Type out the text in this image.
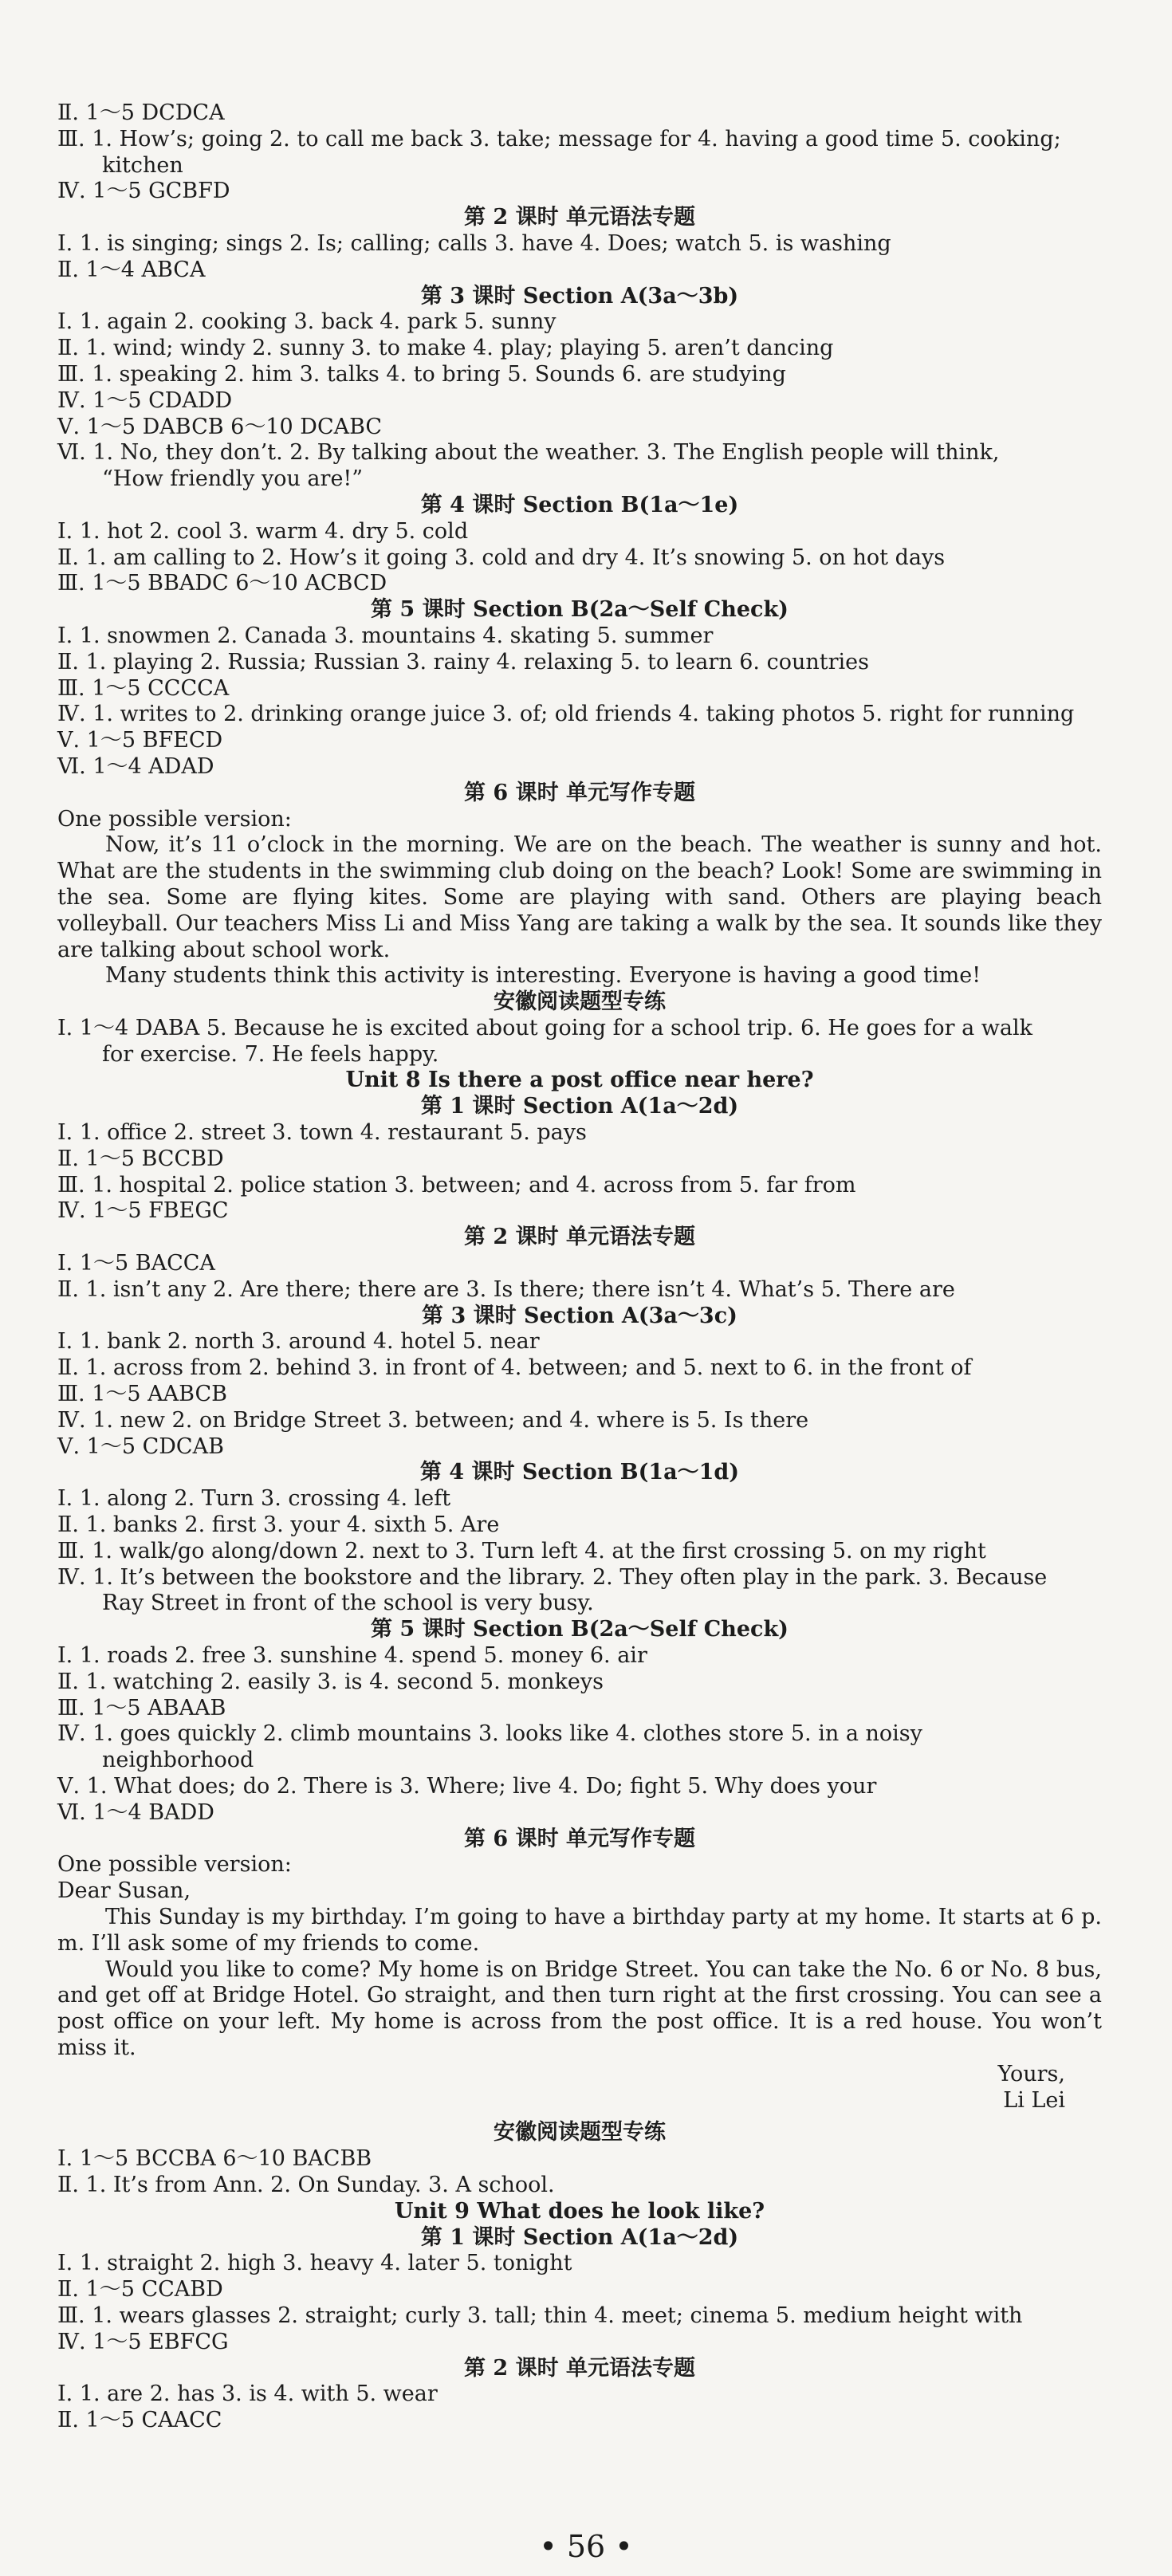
Ⅱ. 1～5 DCDCA
Ⅲ. 1. How’s; going 2. to call me back 3. take; message for 4. having a good time 5. cooking;
kitchen
Ⅳ. 1～5 GCBFD
第 2 课时 单元语法专题
Ⅰ. 1. is singing; sings 2. Is; calling; calls 3. have 4. Does; watch 5. is washing
Ⅱ. 1～4 ABCA
第 3 课时 Section A(3a～3b)
Ⅰ. 1. again 2. cooking 3. back 4. park 5. sunny
Ⅱ. 1. wind; windy 2. sunny 3. to make 4. play; playing 5. aren’t dancing
Ⅲ. 1. speaking 2. him 3. talks 4. to bring 5. Sounds 6. are studying
Ⅳ. 1～5 CDADD
Ⅴ. 1～5 DABCB 6～10 DCABC
Ⅵ. 1. No, they don’t. 2. By talking about the weather. 3. The English people will think,
“How friendly you are!”
第 4 课时 Section B(1a～1e)
Ⅰ. 1. hot 2. cool 3. warm 4. dry 5. cold
Ⅱ. 1. am calling to 2. How’s it going 3. cold and dry 4. It’s snowing 5. on hot days
Ⅲ. 1～5 BBADC 6～10 ACBCD
第 5 课时 Section B(2a～Self Check)
Ⅰ. 1. snowmen 2. Canada 3. mountains 4. skating 5. summer
Ⅱ. 1. playing 2. Russia; Russian 3. rainy 4. relaxing 5. to learn 6. countries
Ⅲ. 1～5 CCCCA
Ⅳ. 1. writes to 2. drinking orange juice 3. of; old friends 4. taking photos 5. right for running
Ⅴ. 1～5 BFECD
Ⅵ. 1～4 ADAD
第 6 课时 单元写作专题
One possible version:
Now, it’s 11 o’clock in the morning. We are on the beach. The weather is sunny and hot. What are the students in the swimming club doing on the beach? Look! Some are swimming in the sea. Some are flying kites. Some are playing with sand. Others are playing beach volleyball. Our teachers Miss Li and Miss Yang are taking a walk by the sea. It sounds like they are talking about school work.
Many students think this activity is interesting. Everyone is having a good time!
安徽阅读题型专练
Ⅰ. 1～4 DABA 5. Because he is excited about going for a school trip. 6. He goes for a walk
for exercise. 7. He feels happy.
Unit 8 Is there a post office near here?
第 1 课时 Section A(1a～2d)
Ⅰ. 1. office 2. street 3. town 4. restaurant 5. pays
Ⅱ. 1～5 BCCBD
Ⅲ. 1. hospital 2. police station 3. between; and 4. across from 5. far from
Ⅳ. 1～5 FBEGC
第 2 课时 单元语法专题
Ⅰ. 1～5 BACCA
Ⅱ. 1. isn’t any 2. Are there; there are 3. Is there; there isn’t 4. What’s 5. There are
第 3 课时 Section A(3a～3c)
Ⅰ. 1. bank 2. north 3. around 4. hotel 5. near
Ⅱ. 1. across from 2. behind 3. in front of 4. between; and 5. next to 6. in the front of
Ⅲ. 1～5 AABCB
Ⅳ. 1. new 2. on Bridge Street 3. between; and 4. where is 5. Is there
Ⅴ. 1～5 CDCAB
第 4 课时 Section B(1a～1d)
Ⅰ. 1. along 2. Turn 3. crossing 4. left
Ⅱ. 1. banks 2. first 3. your 4. sixth 5. Are
Ⅲ. 1. walk/go along/down 2. next to 3. Turn left 4. at the first crossing 5. on my right
Ⅳ. 1. It’s between the bookstore and the library. 2. They often play in the park. 3. Because
Ray Street in front of the school is very busy.
第 5 课时 Section B(2a～Self Check)
Ⅰ. 1. roads 2. free 3. sunshine 4. spend 5. money 6. air
Ⅱ. 1. watching 2. easily 3. is 4. second 5. monkeys
Ⅲ. 1～5 ABAAB
Ⅳ. 1. goes quickly 2. climb mountains 3. looks like 4. clothes store 5. in a noisy
neighborhood
Ⅴ. 1. What does; do 2. There is 3. Where; live 4. Do; fight 5. Why does your
Ⅵ. 1～4 BADD
第 6 课时 单元写作专题
One possible version:
Dear Susan,
This Sunday is my birthday. I’m going to have a birthday party at my home. It starts at 6 p. m. I’ll ask some of my friends to come.
Would you like to come? My home is on Bridge Street. You can take the No. 6 or No. 8 bus, and get off at Bridge Hotel. Go straight, and then turn right at the first crossing. You can see a post office on your left. My home is across from the post office. It is a red house. You won’t miss it.
Yours,
Li Lei
安徽阅读题型专练
Ⅰ. 1～5 BCCBA 6～10 BACBB
Ⅱ. 1. It’s from Ann. 2. On Sunday. 3. A school.
Unit 9 What does he look like?
第 1 课时 Section A(1a～2d)
Ⅰ. 1. straight 2. high 3. heavy 4. later 5. tonight
Ⅱ. 1～5 CCABD
Ⅲ. 1. wears glasses 2. straight; curly 3. tall; thin 4. meet; cinema 5. medium height with
Ⅳ. 1～5 EBFCG
第 2 课时 单元语法专题
Ⅰ. 1. are 2. has 3. is 4. with 5. wear
Ⅱ. 1～5 CAACC
• 56 •
